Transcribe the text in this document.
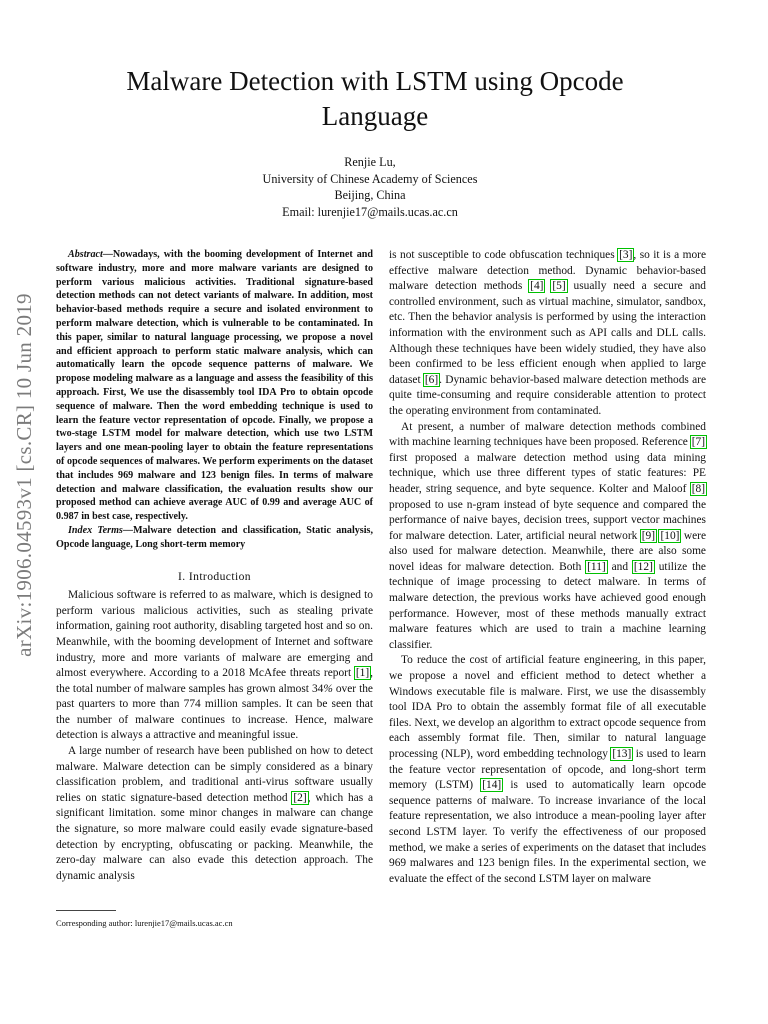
arXiv:1906.04593v1 [cs.CR] 10 Jun 2019
Malware Detection with LSTM using Opcode Language
Renjie Lu,
University of Chinese Academy of Sciences
Beijing, China
Email: lurenjie17@mails.ucas.ac.cn

Abstract—Nowadays, with the booming development of Internet and software industry, more and more malware variants are designed to perform various malicious activities. Traditional signature-based detection methods can not detect variants of malware. In addition, most behavior-based methods require a secure and isolated environment to perform malware detection, which is vulnerable to be contaminated. In this paper, similar to natural language processing, we propose a novel and efficient approach to perform static malware analysis, which can automatically learn the opcode sequence patterns of malware. We propose modeling malware as a language and assess the feasibility of this approach. First, We use the disassembly tool IDA Pro to obtain opcode sequence of malware. Then the word embedding technique is used to learn the feature vector representation of opcode. Finally, we propose a two-stage LSTM model for malware detection, which use two LSTM layers and one mean-pooling layer to obtain the feature representations of opcode sequences of malwares. We perform experiments on the dataset that includes 969 malware and 123 benign files. In terms of malware detection and malware classification, the evaluation results show our proposed method can achieve average AUC of 0.99 and average AUC of 0.987 in best case, respectively.

Index Terms—Malware detection and classification, Static analysis, Opcode language, Long short-term memory

I. Introduction

Malicious software is referred to as malware, which is designed to perform various malicious activities, such as stealing private information, gaining root authority, disabling targeted host and so on. Meanwhile, with the booming development of Internet and software industry, more and more variants of malware are emerging and almost everywhere. According to a 2018 McAfee threats report [1], the total number of malware samples has grown almost 34% over the past quarters to more than 774 million samples. It can be seen that the number of malware continues to increase. Hence, malware detection is always a attractive and meaningful issue.

A large number of research have been published on how to detect malware. Malware detection can be simply considered as a binary classification problem, and traditional anti-virus software usually relies on static signature-based detection method [2], which has a significant limitation. some minor changes in malware can change the signature, so more malware could easily evade signature-based detection by encrypting, obfuscating or packing. Meanwhile, the zero-day malware can also evade this detection approach. The dynamic analysis

Corresponding author: lurenjie17@mails.ucas.ac.cn

is not susceptible to code obfuscation techniques [3], so it is a more effective malware detection method. Dynamic behavior-based malware detection methods [4] [5] usually need a secure and controlled environment, such as virtual machine, simulator, sandbox, etc. Then the behavior analysis is performed by using the interaction information with the environment such as API calls and DLL calls. Although these techniques have been widely studied, they have also been confirmed to be less efficient enough when applied to large dataset [6]. Dynamic behavior-based malware detection methods are quite time-consuming and require considerable attention to protect the operating environment from contaminated.

At present, a number of malware detection methods combined with machine learning techniques have been proposed. Reference [7] first proposed a malware detection method using data mining technique, which use three different types of static features: PE header, string sequence, and byte sequence. Kolter and Maloof [8] proposed to use n-gram instead of byte sequence and compared the performance of naive bayes, decision trees, support vector machines for malware detection. Later, artificial neural network [9] [10] were also used for malware detection. Meanwhile, there are also some novel ideas for malware detection. Both [11] and [12] utilize the technique of image processing to detect malware. In terms of malware detection, the previous works have achieved good enough performance. However, most of these methods manually extract malware features which are used to train a machine learning classifier.

To reduce the cost of artificial feature engineering, in this paper, we propose a novel and efficient method to detect whether a Windows executable file is malware. First, we use the disassembly tool IDA Pro to obtain the assembly format file of all executable files. Next, we develop an algorithm to extract opcode sequence from each assembly format file. Then, similar to natural language processing (NLP), word embedding technology [13] is used to learn the feature vector representation of opcode, and long-short term memory (LSTM) [14] is used to automatically learn opcode sequence patterns of malware. To increase invariance of the local feature representation, we also introduce a mean-pooling layer after second LSTM layer. To verify the effectiveness of our proposed method, we make a series of experiments on the dataset that includes 969 malwares and 123 benign files. In the experimental section, we evaluate the effect of the second LSTM layer on malware
